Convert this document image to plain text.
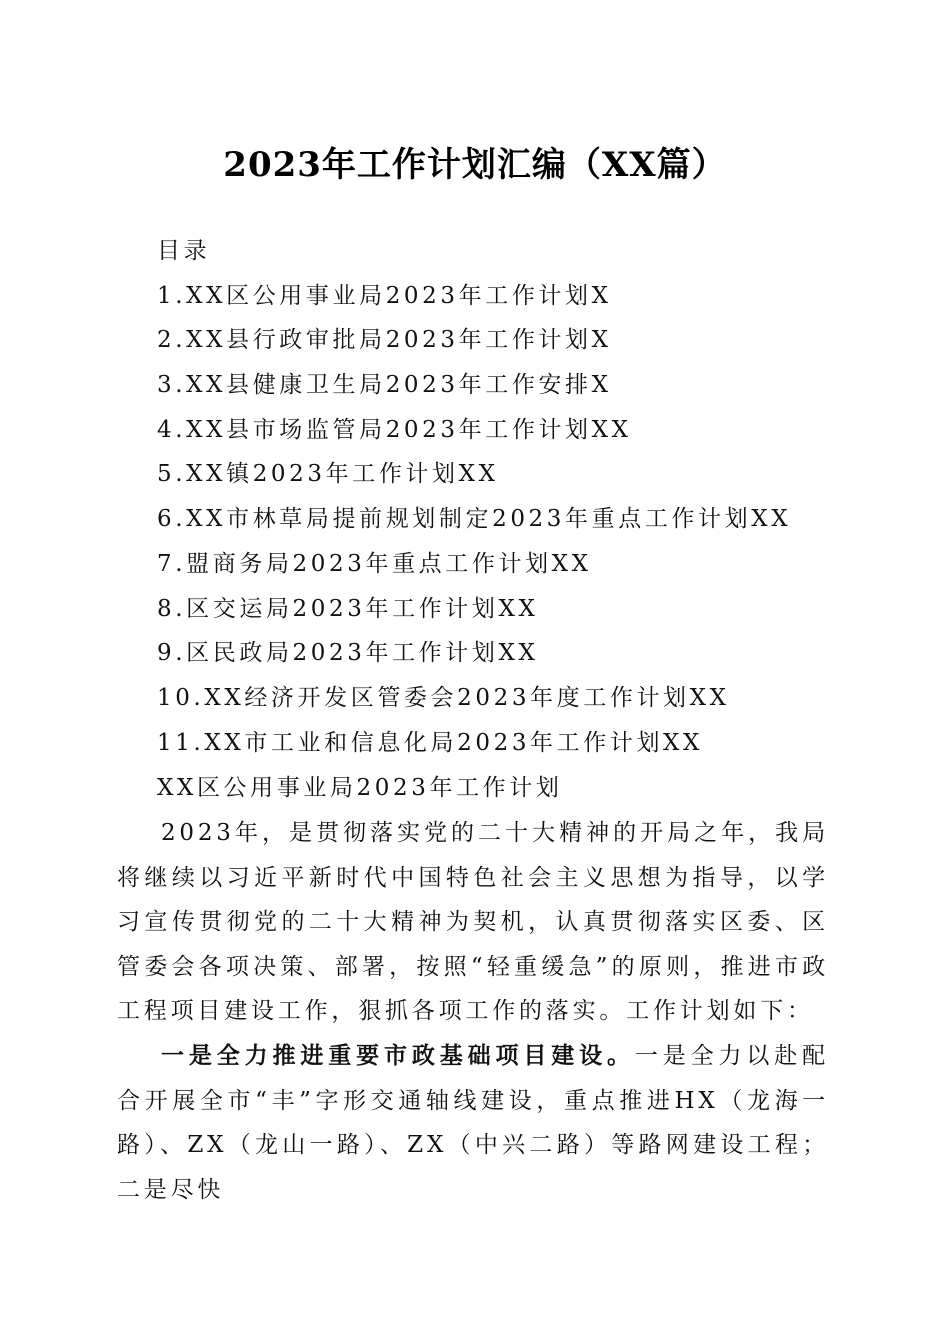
2023年工作计划汇编（XX篇）
目录
1.XX区公用事业局2023年工作计划X
2.XX县行政审批局2023年工作计划X
3.XX县健康卫生局2023年工作安排X
4.XX县市场监管局2023年工作计划XX
5.XX镇2023年工作计划XX
6.XX市林草局提前规划制定2023年重点工作计划XX
7.盟商务局2023年重点工作计划XX
8.区交运局2023年工作计划XX
9.区民政局2023年工作计划XX
10.XX经济开发区管委会2023年度工作计划XX
11.XX市工业和信息化局2023年工作计划XX
XX区公用事业局2023年工作计划
2023年，是贯彻落实党的二十大精神的开局之年，我局将继续以习近平新时代中国特色社会主义思想为指导，以学习宣传贯彻党的二十大精神为契机，认真贯彻落实区委、区管委会各项决策、部署，按照“轻重缓急”的原则，推进市政工程项目建设工作，狠抓各项工作的落实。工作计划如下：
一是全力推进重要市政基础项目建设。一是全力以赴配合开展全市“丰”字形交通轴线建设，重点推进HX（龙海一路）、ZX（龙山一路）、ZX（中兴二路）等路网建设工程；二是尽快
